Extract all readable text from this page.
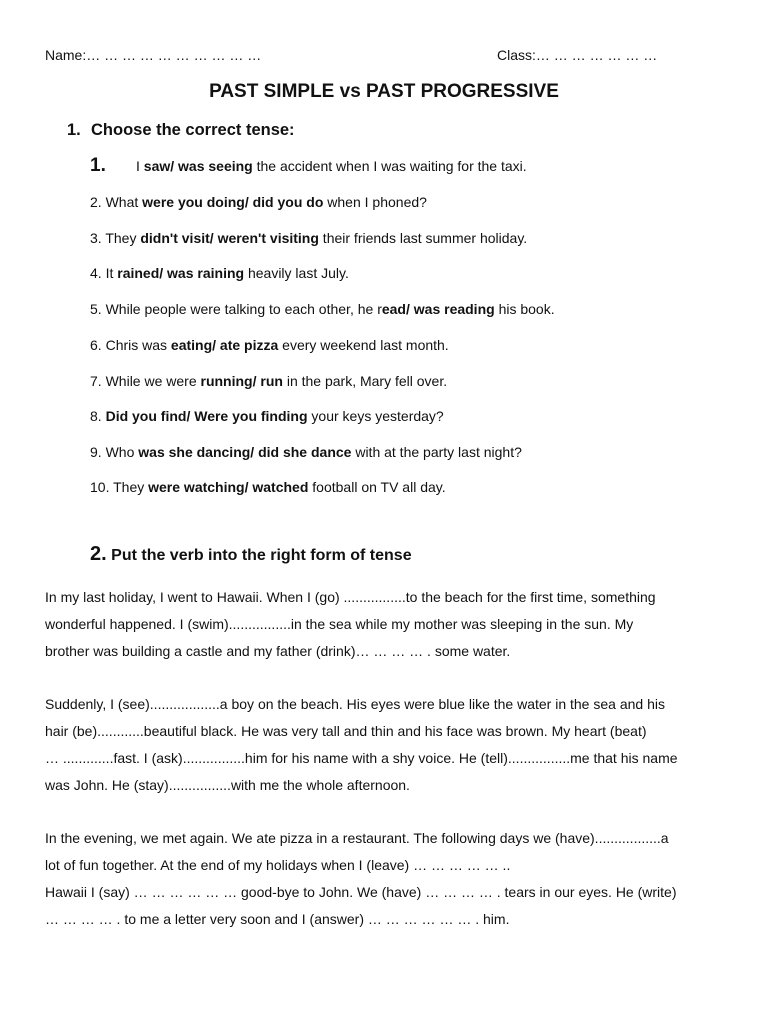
Name:… … … … … … … … … …	Class:… … … … … … …
PAST SIMPLE vs PAST PROGRESSIVE
1. Choose the correct tense:
1. I saw/ was seeing the accident when I was waiting for the taxi.
2. What were you doing/ did you do when I phoned?
3. They didn't visit/ weren't visiting their friends last summer holiday.
4. It rained/ was raining heavily last July.
5. While people were talking to each other, he read/ was reading his book.
6. Chris was eating/ ate pizza every weekend last month.
7. While we were running/ run in the park, Mary fell over.
8. Did you find/ Were you finding your keys yesterday?
9. Who was she dancing/ did she dance with at the party last night?
10. They were watching/ watched football on TV all day.
2. Put the verb into the right form of tense
In my last holiday, I went to Hawaii. When I (go) ................to the beach for the first time, something
wonderful happened. I (swim)................in the sea while my mother was sleeping in the sun. My
brother was building a castle and my father (drink)… … … … . some water.
Suddenly, I (see)..................a boy on the beach. His eyes were blue like the water in the sea and his
hair (be)............beautiful black. He was very tall and thin and his face was brown. My heart (beat)
… .............fast. I (ask)................him for his name with a shy voice. He (tell)................me that his name
was John. He (stay)................with me the whole afternoon.
In the evening, we met again. We ate pizza in a restaurant. The following days we (have).................a
lot of fun together. At the end of my holidays when I (leave) … … … … … ..
Hawaii I (say) … … … … … … good-bye to John. We (have) … … … … . tears in our eyes. He (write)
… … … … . to me a letter very soon and I (answer) … … … … … … . him.
